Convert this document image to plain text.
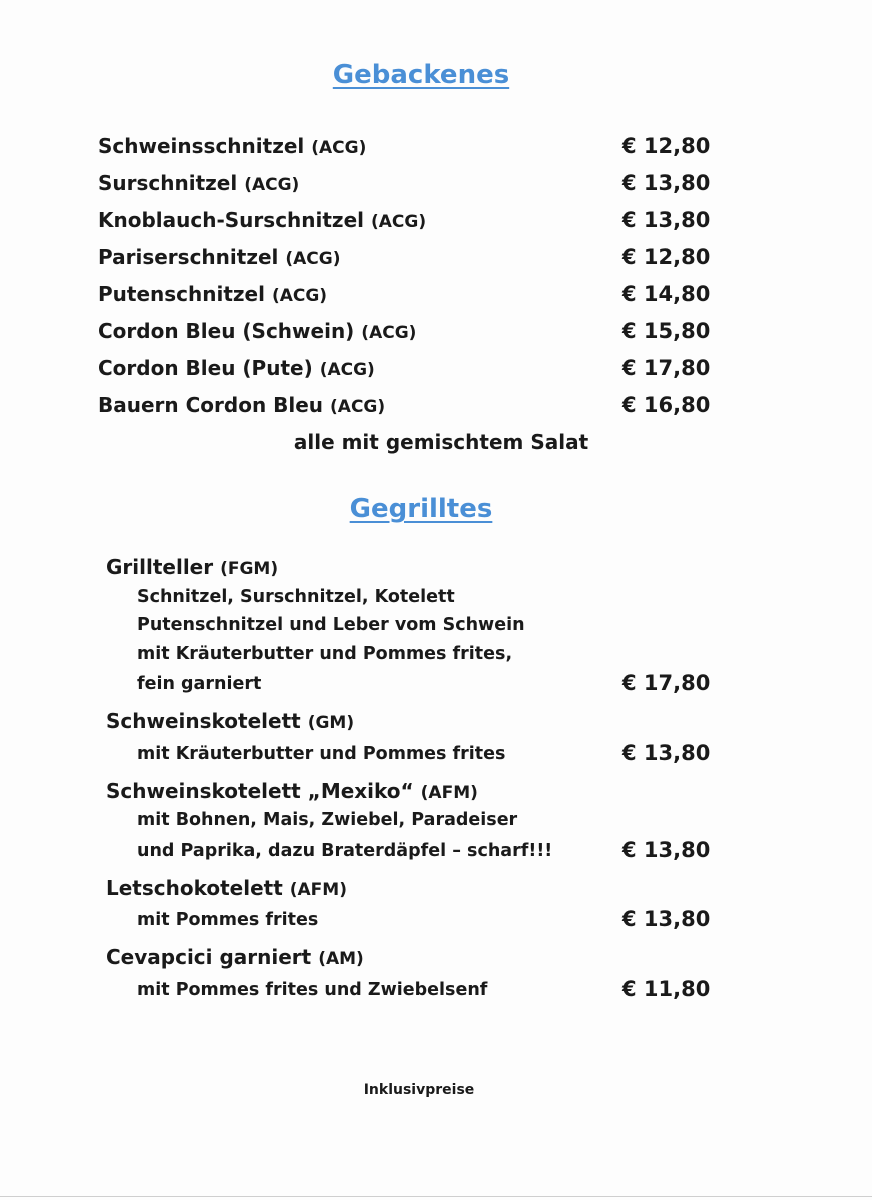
Gebackenes
Schweinsschnitzel (ACG)	€ 12,80
Surschnitzel (ACG)	€ 13,80
Knoblauch-Surschnitzel (ACG)	€ 13,80
Pariserschnitzel (ACG)	€ 12,80
Putenschnitzel (ACG)	€ 14,80
Cordon Bleu (Schwein) (ACG)	€ 15,80
Cordon Bleu (Pute) (ACG)	€ 17,80
Bauern Cordon Bleu (ACG)	€ 16,80
alle mit gemischtem Salat
Gegrilltes
Grillteller (FGM)
Schnitzel, Surschnitzel, Kotelett
Putenschnitzel und Leber vom Schwein
mit Kräuterbutter und Pommes frites,
fein garniert	€ 17,80
Schweinskotelett (GM)
mit Kräuterbutter und Pommes frites	€ 13,80
Schweinskotelett „Mexiko“ (AFM)
mit Bohnen, Mais, Zwiebel, Paradeiser
und Paprika, dazu Braterdäpfel – scharf!!!	€ 13,80
Letschokotelett (AFM)
mit Pommes frites	€ 13,80
Cevapcici garniert (AM)
mit Pommes frites und Zwiebelsenf	€ 11,80
Inklusivpreise
